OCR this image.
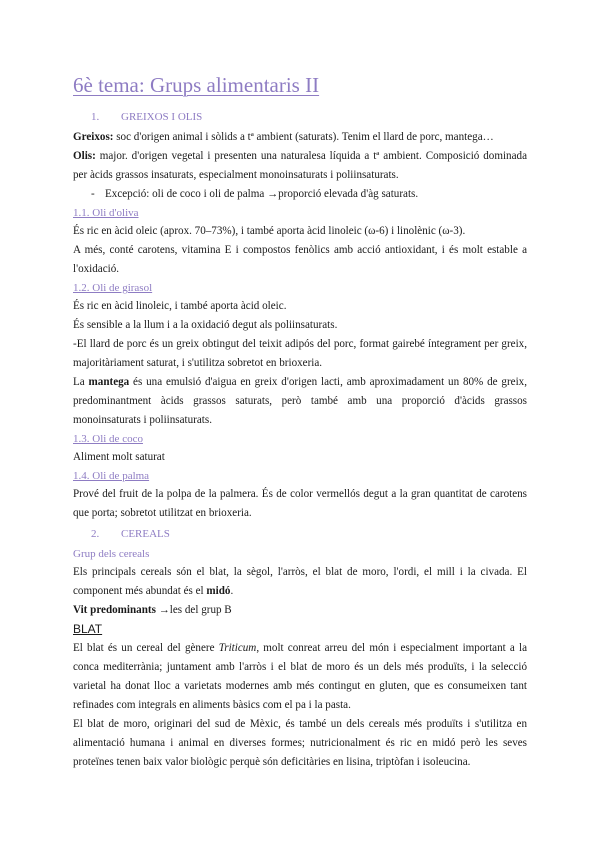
6è tema: Grups alimentaris II
1. GREIXOS I OLIS

Greixos: soc d'origen animal i sòlids a tª ambient (saturats). Tenim el llard de porc, mantega…

Olis: major. d'origen vegetal i presenten una naturalesa líquida a tª ambient. Composició dominada per àcids grassos insaturats, especialment monoinsaturats i poliinsaturats.

- Excepció: oli de coco i oli de palma →proporció elevada d'àg saturats.

1.1. Oli d'oliva

És ric en àcid oleic (aprox. 70–73%), i també aporta àcid linoleic (ω-6) i linolènic (ω-3).

A més, conté carotens, vitamina E i compostos fenòlics amb acció antioxidant, i és molt estable a l'oxidació.

1.2. Oli de girasol

És ric en àcid linoleic, i també aporta àcid oleic.

És sensible a la llum i a la oxidació degut als poliinsaturats.

-El llard de porc és un greix obtingut del teixit adipós del porc, format gairebé íntegrament per greix, majoritàriament saturat, i s'utilitza sobretot en brioxeria.

La mantega és una emulsió d'aigua en greix d'origen lacti, amb aproximadament un 80% de greix, predominantment àcids grassos saturats, però també amb una proporció d'àcids grassos monoinsaturats i poliinsaturats.

1.3. Oli de coco

Aliment molt saturat

1.4. Oli de palma

Prové del fruit de la polpa de la palmera. És de color vermellós degut a la gran quantitat de carotens que porta; sobretot utilitzat en brioxeria.

2. CEREALS
Grup dels cereals

Els principals cereals són el blat, la sègol, l'arròs, el blat de moro, l'ordi, el mill i la civada. El component més abundat és el midó.

Vit predominants →les del grup B

BLAT

El blat és un cereal del gènere Triticum, molt conreat arreu del món i especialment important a la conca mediterrània; juntament amb l'arròs i el blat de moro és un dels més produïts, i la selecció varietal ha donat lloc a varietats modernes amb més contingut en gluten, que es consumeixen tant refinades com integrals en aliments bàsics com el pa i la pasta.

El blat de moro, originari del sud de Mèxic, és també un dels cereals més produïts i s'utilitza en alimentació humana i animal en diverses formes; nutricionalment és ric en midó però les seves proteïnes tenen baix valor biològic perquè són deficitàries en lisina, triptòfan i isoleucina.
